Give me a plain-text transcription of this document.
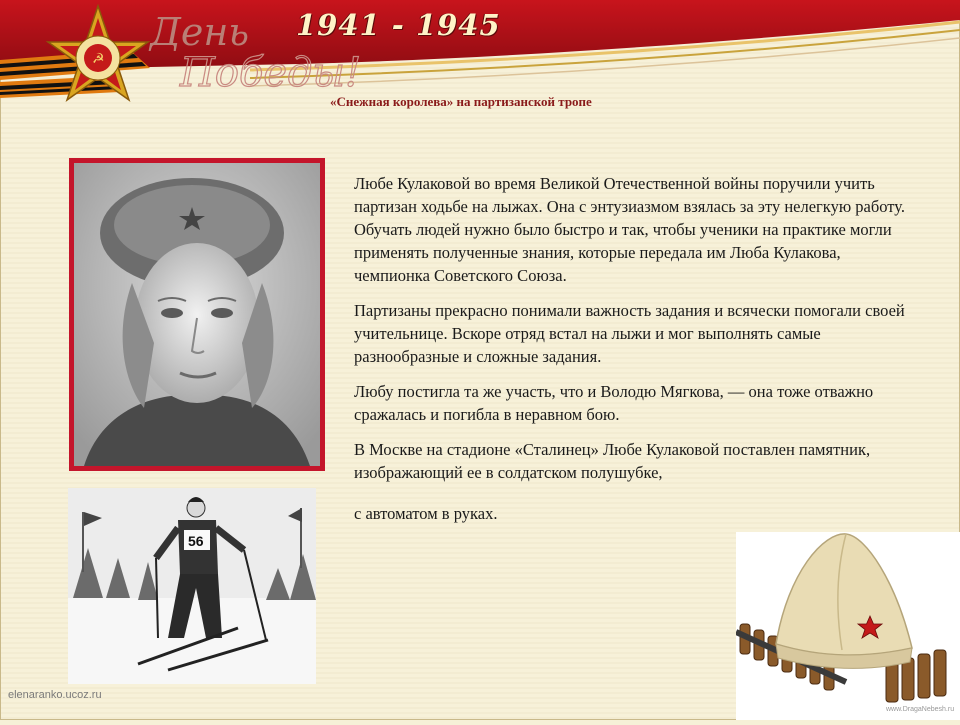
☭
День
Победы!
1941 - 1945
«Снежная королева» на партизанской тропе
56

Любе Кулаковой во время Великой Отечественной войны поручили учить партизан ходьбе на лыжах. Она с энтузиазмом взялась за эту нелегкую работу. Обучать людей нужно было быстро и так, чтобы ученики на практике могли применять полученные знания, которые передала им Люба Кулакова, чемпионка Советского Союза.

Партизаны прекрасно понимали важность задания и всячески помогали своей учительнице. Вскоре отряд встал на лыжи и мог выполнять самые разнообразные и сложные задания.

Любу постигла та же участь, что и Володю Мягкова, — она тоже отважно сражалась и погибла в неравном бою.

В Москве на стадионе «Сталинец» Любе Кулаковой поставлен памятник, изображающий ее в солдатском полушубке,

с автоматом в руках.

www.DragaNebesh.ru
elenaranko.ucoz.ru
